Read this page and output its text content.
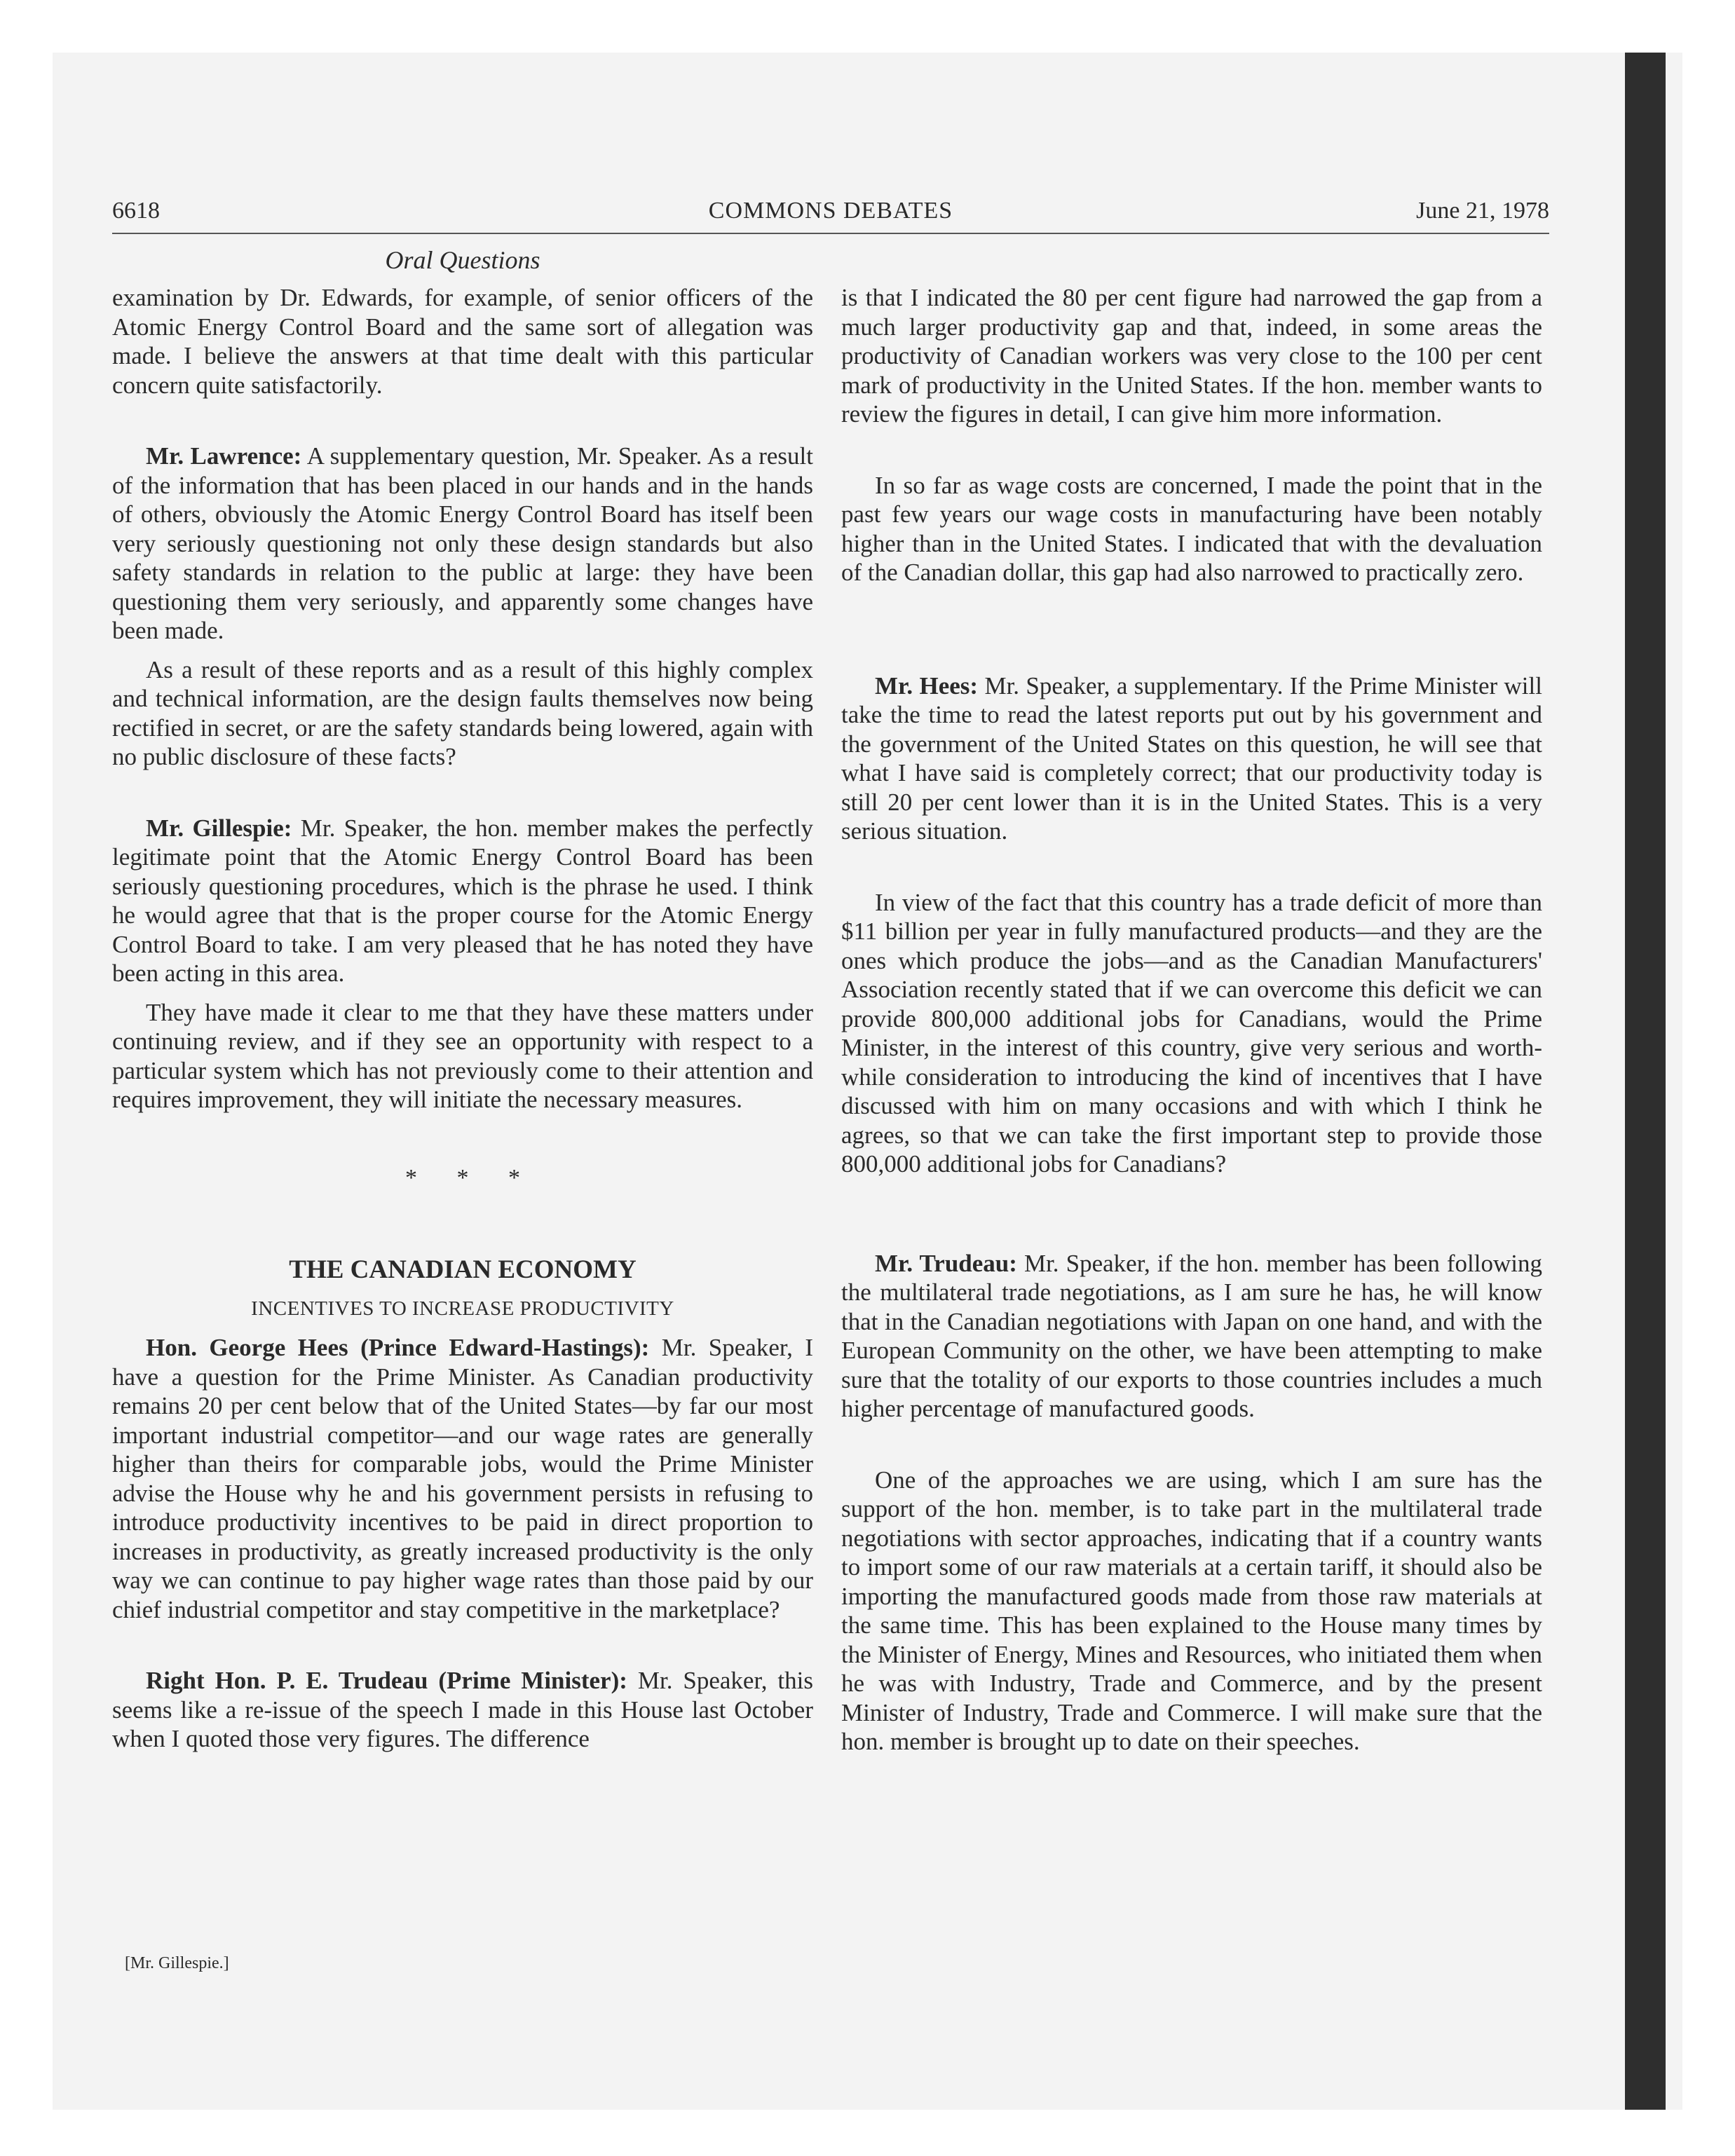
6618	COMMONS DEBATES	June 21, 1978
Oral Questions

examination by Dr. Edwards, for example, of senior officers of the Atomic Energy Control Board and the same sort of allegation was made. I believe the answers at that time dealt with this particular concern quite satisfactorily.

Mr. Lawrence: A supplementary question, Mr. Speaker. As a result of the information that has been placed in our hands and in the hands of others, obviously the Atomic Energy Control Board has itself been very seriously questioning not only these design standards but also safety standards in relation to the public at large: they have been questioning them very seriously, and apparently some changes have been made.

As a result of these reports and as a result of this highly complex and technical information, are the design faults themselves now being rectified in secret, or are the safety standards being lowered, again with no public disclosure of these facts?

Mr. Gillespie: Mr. Speaker, the hon. member makes the perfectly legitimate point that the Atomic Energy Control Board has been seriously questioning procedures, which is the phrase he used. I think he would agree that that is the proper course for the Atomic Energy Control Board to take. I am very pleased that he has noted they have been acting in this area.

They have made it clear to me that they have these matters under continuing review, and if they see an opportunity with respect to a particular system which has not previously come to their attention and requires improvement, they will initiate the necessary measures.

* * *
THE CANADIAN ECONOMY
INCENTIVES TO INCREASE PRODUCTIVITY

Hon. George Hees (Prince Edward-Hastings): Mr. Speaker, I have a question for the Prime Minister. As Canadian productivity remains 20 per cent below that of the United States—by far our most important industrial competitor—and our wage rates are generally higher than theirs for comparable jobs, would the Prime Minister advise the House why he and his government persists in refusing to introduce productivity incentives to be paid in direct proportion to increases in productivity, as greatly increased productivity is the only way we can continue to pay higher wage rates than those paid by our chief industrial competitor and stay competitive in the marketplace?

Right Hon. P. E. Trudeau (Prime Minister): Mr. Speaker, this seems like a re-issue of the speech I made in this House last October when I quoted those very figures. The difference

is that I indicated the 80 per cent figure had narrowed the gap from a much larger productivity gap and that, indeed, in some areas the productivity of Canadian workers was very close to the 100 per cent mark of productivity in the United States. If the hon. member wants to review the figures in detail, I can give him more information.

In so far as wage costs are concerned, I made the point that in the past few years our wage costs in manufacturing have been notably higher than in the United States. I indicated that with the devaluation of the Canadian dollar, this gap had also narrowed to practically zero.

Mr. Hees: Mr. Speaker, a supplementary. If the Prime Minister will take the time to read the latest reports put out by his government and the government of the United States on this question, he will see that what I have said is completely correct; that our productivity today is still 20 per cent lower than it is in the United States. This is a very serious situation.

In view of the fact that this country has a trade deficit of more than $11 billion per year in fully manufactured products—and they are the ones which produce the jobs—and as the Canadian Manufacturers' Association recently stated that if we can overcome this deficit we can provide 800,000 additional jobs for Canadians, would the Prime Minister, in the interest of this country, give very serious and worth-while consideration to introducing the kind of incentives that I have discussed with him on many occasions and with which I think he agrees, so that we can take the first important step to provide those 800,000 additional jobs for Canadians?

Mr. Trudeau: Mr. Speaker, if the hon. member has been following the multilateral trade negotiations, as I am sure he has, he will know that in the Canadian negotiations with Japan on one hand, and with the European Community on the other, we have been attempting to make sure that the totality of our exports to those countries includes a much higher percentage of manufactured goods.

One of the approaches we are using, which I am sure has the support of the hon. member, is to take part in the multilateral trade negotiations with sector approaches, indicating that if a country wants to import some of our raw materials at a certain tariff, it should also be importing the manufactured goods made from those raw materials at the same time. This has been explained to the House many times by the Minister of Energy, Mines and Resources, who initiated them when he was with Industry, Trade and Commerce, and by the present Minister of Industry, Trade and Commerce. I will make sure that the hon. member is brought up to date on their speeches.

[Mr. Gillespie.]
